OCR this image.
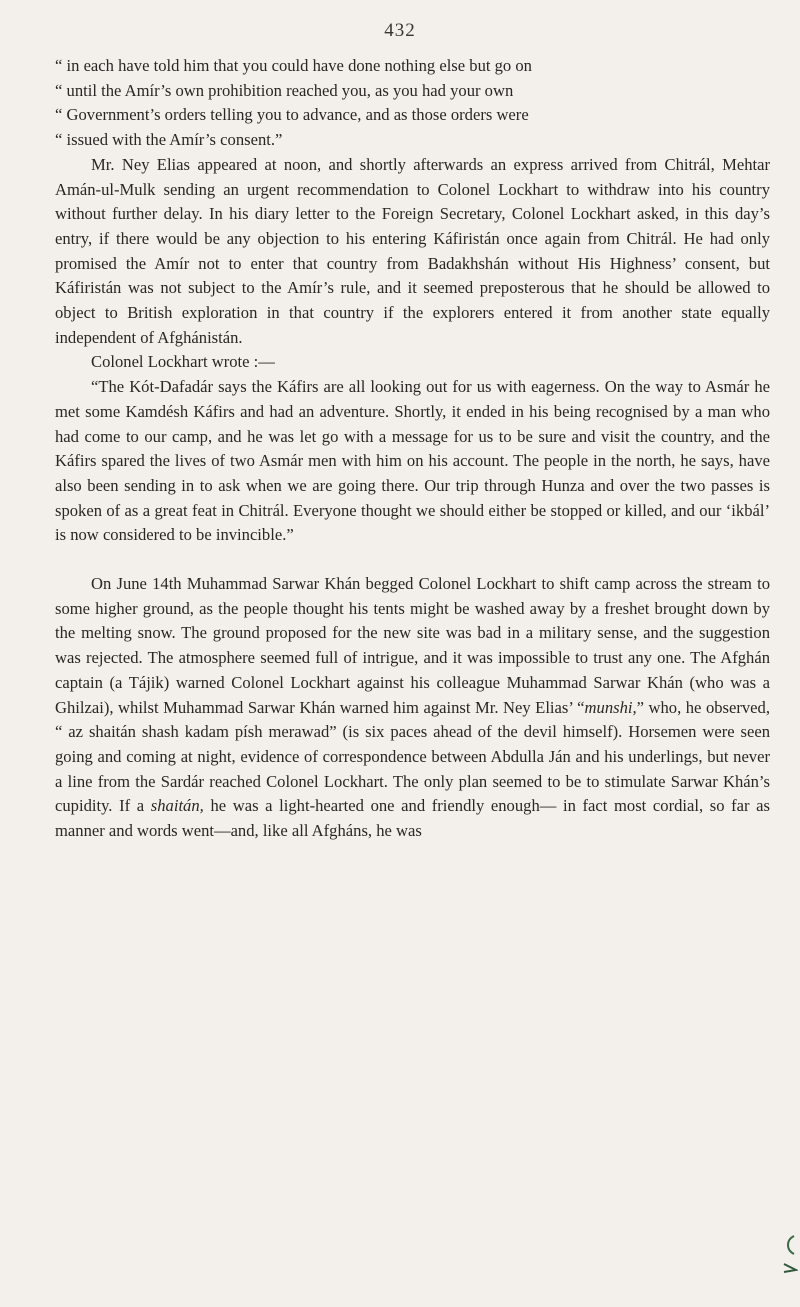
432

“ in each have told him that you could have done nothing else but go on

“ until the Amír’s own prohibition reached you, as you had your own

“ Government’s orders telling you to advance, and as those orders were

“ issued with the Amír’s consent.”

Mr. Ney Elias appeared at noon, and shortly afterwards an express arrived from Chitrál, Mehtar Amán-ul-Mulk sending an urgent recommendation to Colonel Lockhart to withdraw into his country without further delay. In his diary letter to the Foreign Secretary, Colonel Lockhart asked, in this day’s entry, if there would be any objection to his entering Káfiristán once again from Chitrál. He had only promised the Amír not to enter that country from Badakhshán without His Highness’ consent, but Káfiristán was not subject to the Amír’s rule, and it seemed preposterous that he should be allowed to object to British exploration in that country if the explorers entered it from another state equally independent of Afghánistán.

Colonel Lockhart wrote :—

“The Kót-Dafadár says the Káfirs are all looking out for us with eagerness. On the way to Asmár he met some Kamdésh Káfirs and had an adventure. Shortly, it ended in his being recognised by a man who had come to our camp, and he was let go with a message for us to be sure and visit the country, and the Káfirs spared the lives of two Asmár men with him on his account. The people in the north, he says, have also been sending in to ask when we are going there. Our trip through Hunza and over the two passes is spoken of as a great feat in Chitrál. Everyone thought we should either be stopped or killed, and our ‘ikbál’ is now considered to be invincible.”

On June 14th Muhammad Sarwar Khán begged Colonel Lockhart to shift camp across the stream to some higher ground, as the people thought his tents might be washed away by a freshet brought down by the melting snow. The ground proposed for the new site was bad in a military sense, and the suggestion was rejected. The atmosphere seemed full of intrigue, and it was impossible to trust any one. The Afghán captain (a Tájik) warned Colonel Lockhart against his colleague Muhammad Sarwar Khán (who was a Ghilzai), whilst Muhammad Sarwar Khán warned him against Mr. Ney Elias’ “munshi,” who, he observed, “ az shaitán shash kadam písh merawad” (is six paces ahead of the devil himself). Horsemen were seen going and coming at night, evidence of correspondence between Abdulla Ján and his underlings, but never a line from the Sardár reached Colonel Lockhart. The only plan seemed to be to stimulate Sarwar Khán’s cupidity. If a shaitán, he was a light-hearted one and friendly enough— in fact most cordial, so far as manner and words went—and, like all Afgháns, he was
